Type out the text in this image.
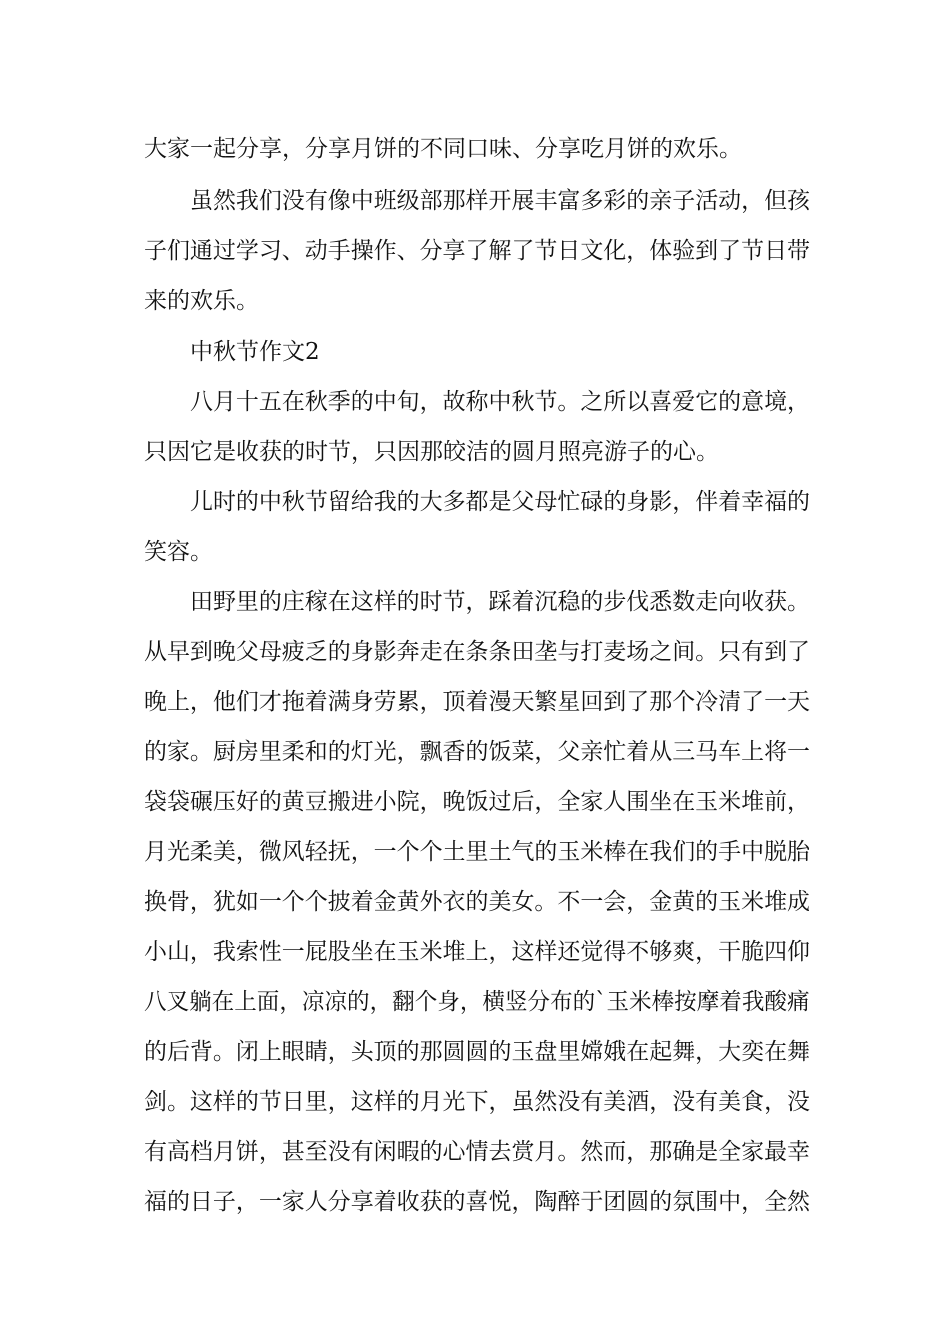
大家一起分享，分享月饼的不同口味、分享吃月饼的欢乐。
虽然我们没有像中班级部那样开展丰富多彩的亲子活动，但孩
子们通过学习、动手操作、分享了解了节日文化，体验到了节日带
来的欢乐。
中秋节作文2
八月十五在秋季的中旬，故称中秋节。之所以喜爱它的意境，
只因它是收获的时节，只因那皎洁的圆月照亮游子的心。
儿时的中秋节留给我的大多都是父母忙碌的身影，伴着幸福的
笑容。
田野里的庄稼在这样的时节，踩着沉稳的步伐悉数走向收获。
从早到晚父母疲乏的身影奔走在条条田垄与打麦场之间。只有到了
晚上，他们才拖着满身劳累，顶着漫天繁星回到了那个冷清了一天
的家。厨房里柔和的灯光，飘香的饭菜，父亲忙着从三马车上将一
袋袋碾压好的黄豆搬进小院，晚饭过后，全家人围坐在玉米堆前，
月光柔美，微风轻抚，一个个土里土气的玉米棒在我们的手中脱胎
换骨，犹如一个个披着金黄外衣的美女。不一会，金黄的玉米堆成
小山，我索性一屁股坐在玉米堆上，这样还觉得不够爽，干脆四仰
八叉躺在上面，凉凉的，翻个身，横竖分布的`玉米棒按摩着我酸痛
的后背。闭上眼睛，头顶的那圆圆的玉盘里嫦娥在起舞，大奕在舞
剑。这样的节日里，这样的月光下，虽然没有美酒，没有美食，没
有高档月饼，甚至没有闲暇的心情去赏月。然而，那确是全家最幸
福的日子，一家人分享着收获的喜悦，陶醉于团圆的氛围中，全然
